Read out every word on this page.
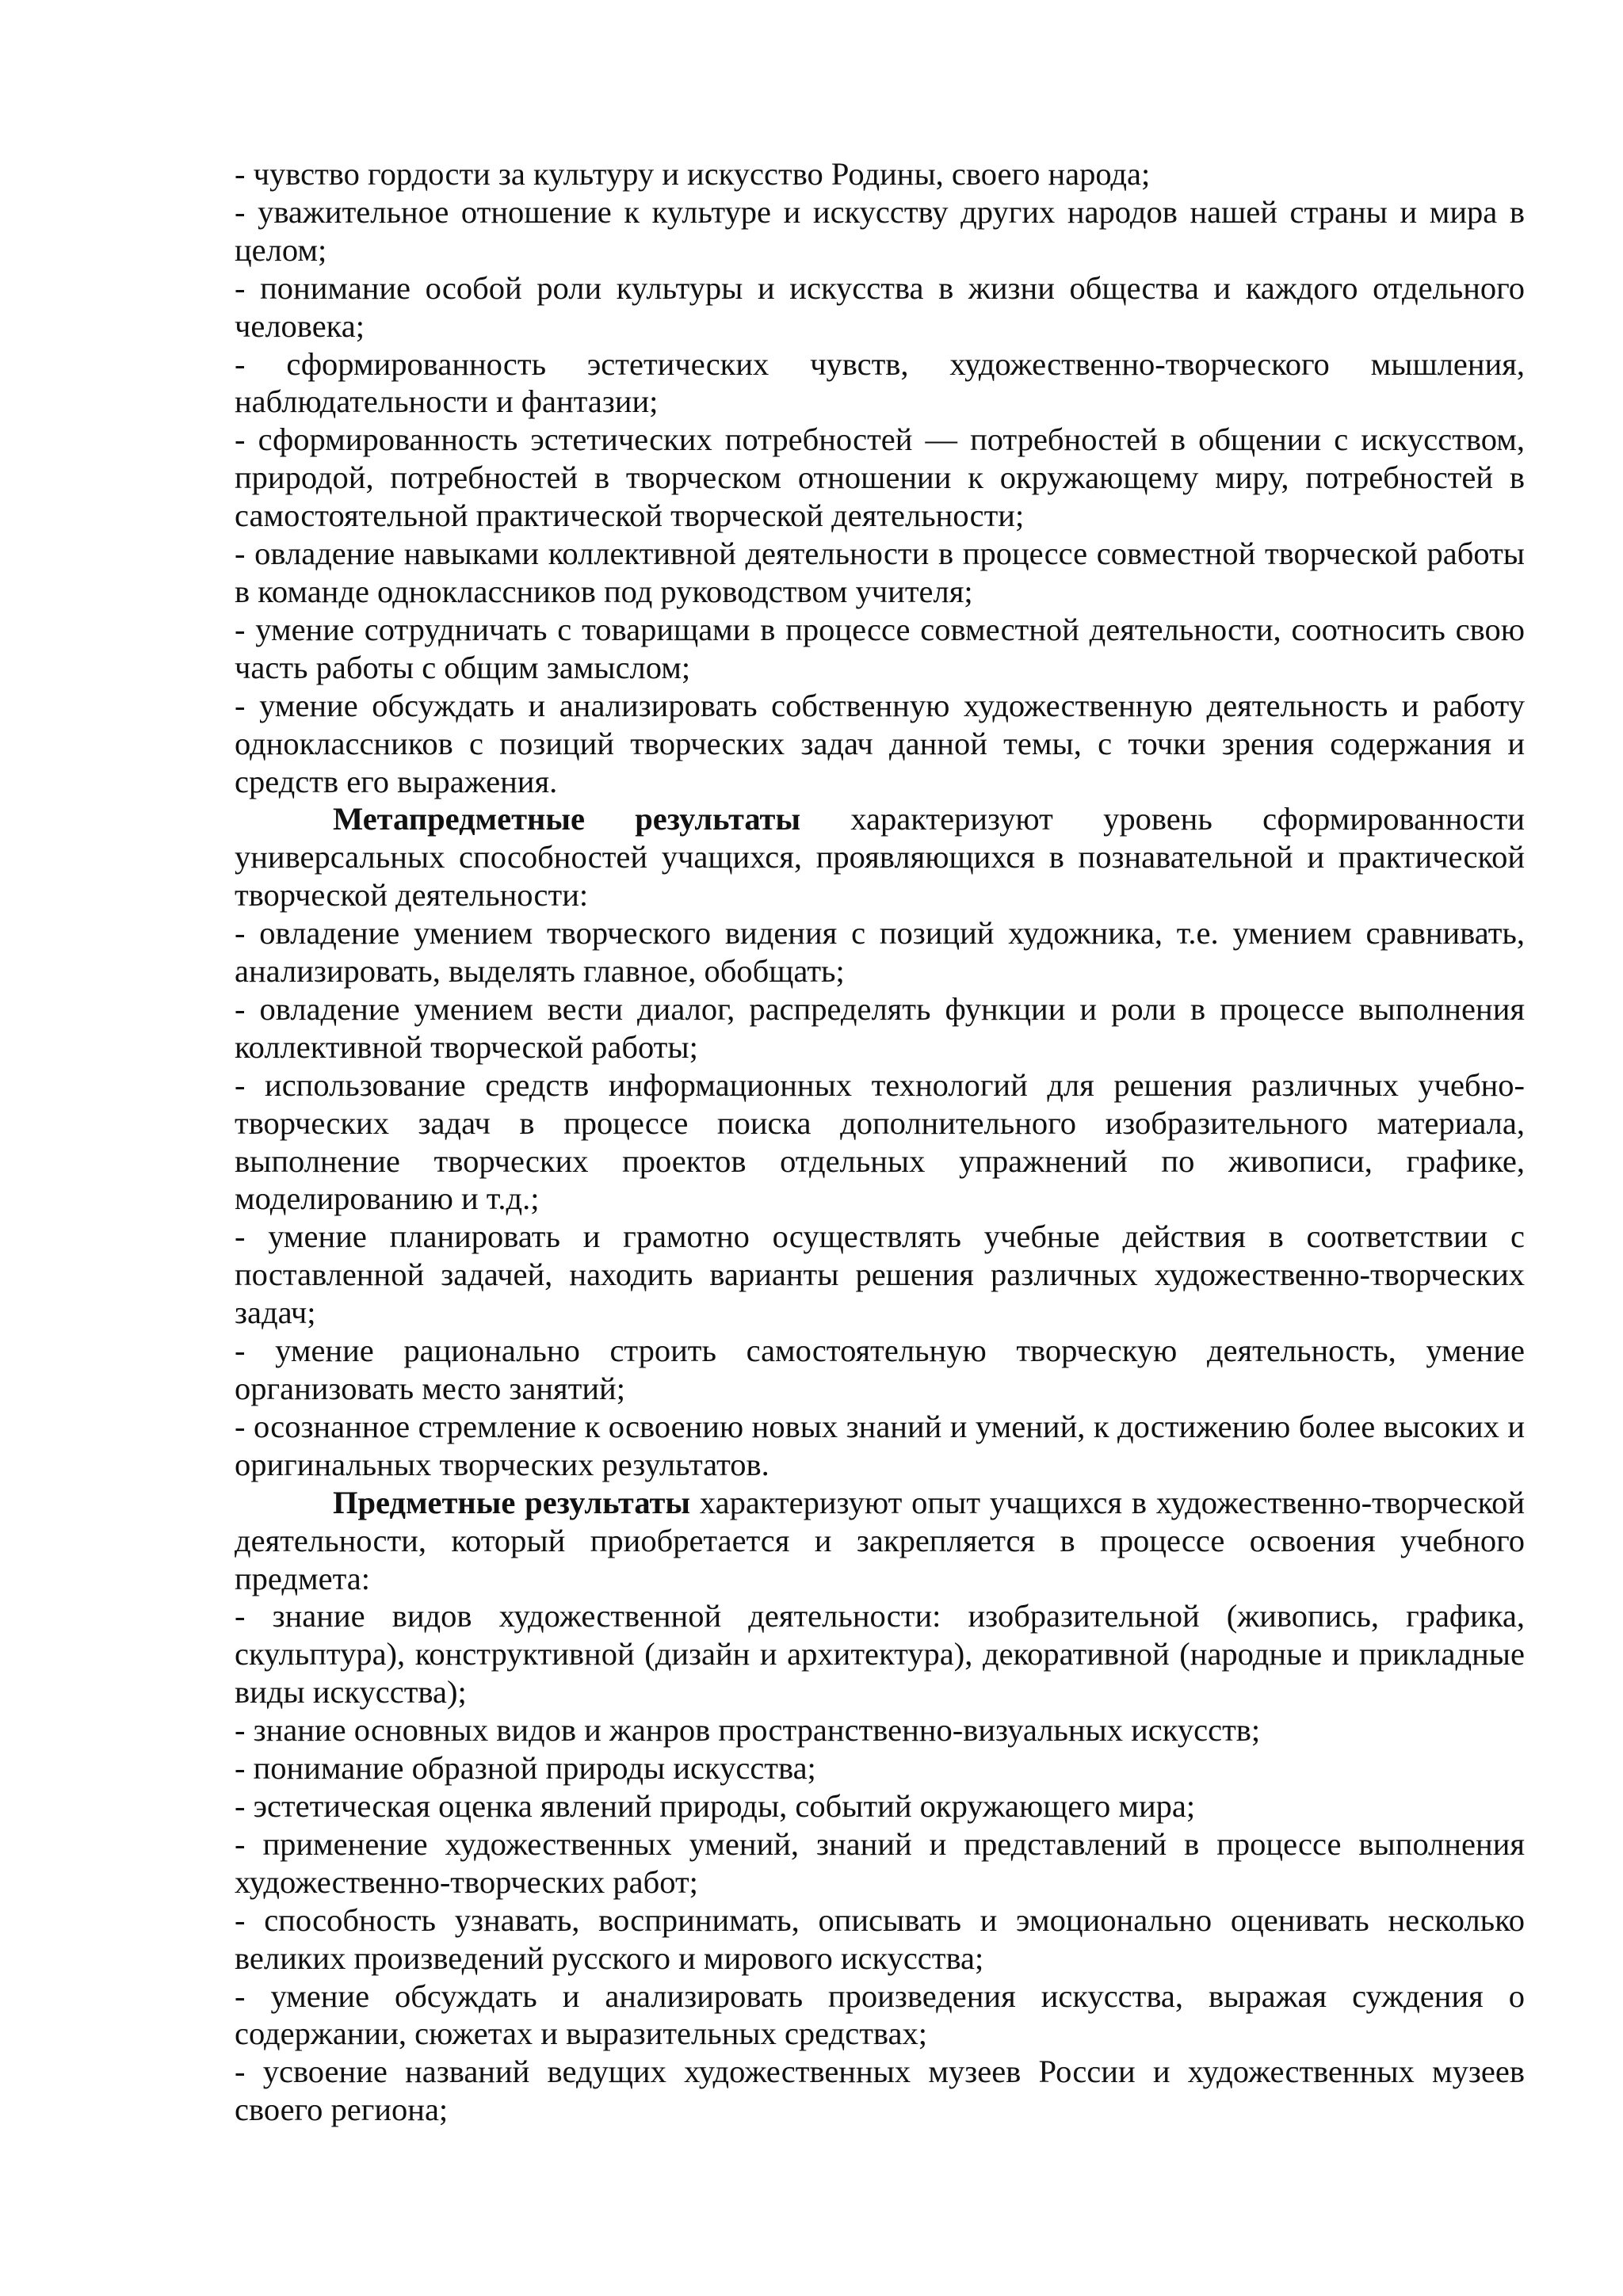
- чувство гордости за культуру и искусство Родины, своего народа;

- уважительное отношение к культуре и искусству других народов нашей страны и мира в целом;

- понимание особой роли культуры и искусства в жизни общества и каждого отдельного человека;

- сформированность эстетических чувств, художественно-творческого мышления, наблюдательности и фантазии;

- сформированность эстетических потребностей — потребностей в общении с искусством, природой, потребностей в творческом отношении к окружающему миру, потребностей в самостоятельной практической творческой деятельности;

- овладение навыками коллективной деятельности в процессе совместной творческой работы в команде одноклассников под руководством учителя;

- умение сотрудничать с товарищами в процессе совместной деятельности, соотносить свою часть работы с общим замыслом;

- умение обсуждать и анализировать собственную художественную деятельность и работу одноклассников с позиций творческих задач данной темы, с точки зрения содержания и средств его выражения.

Метапредметные результаты характеризуют уровень сформированности универсальных способностей учащихся, проявляющихся в познавательной и практической творческой деятельности:

- овладение умением творческого видения с позиций художника, т.е. умением сравнивать, анализировать, выделять главное, обобщать;

- овладение умением вести диалог, распределять функции и роли в процессе выполнения коллективной творческой работы;

- использование средств информационных технологий для решения различных учебно-творческих задач в процессе поиска дополнительного изобразительного материала, выполнение творческих проектов отдельных упражнений по живописи, графике, моделированию и т.д.;

- умение планировать и грамотно осуществлять учебные действия в соответствии с поставленной задачей, находить варианты решения различных художественно-творческих задач;

- умение рационально строить самостоятельную творческую деятельность, умение организовать место занятий;

- осознанное стремление к освоению новых знаний и умений, к достижению более высоких и оригинальных творческих результатов.

Предметные результаты характеризуют опыт учащихся в художественно-творческой деятельности, который приобретается и закрепляется в процессе освоения учебного предмета:

- знание видов художественной деятельности: изобразительной (живопись, графика, скульптура), конструктивной (дизайн и архитектура), декоративной (народные и прикладные виды искусства);

- знание основных видов и жанров пространственно-визуальных искусств;

- понимание образной природы искусства;

- эстетическая оценка явлений природы, событий окружающего мира;

- применение художественных умений, знаний и представлений в процессе выполнения художественно-творческих работ;

- способность узнавать, воспринимать, описывать и эмоционально оценивать несколько великих произведений русского и мирового искусства;

- умение обсуждать и анализировать произведения искусства, выражая суждения о содержании, сюжетах и выразительных средствах;

- усвоение названий ведущих художественных музеев России и художественных музеев своего региона;
